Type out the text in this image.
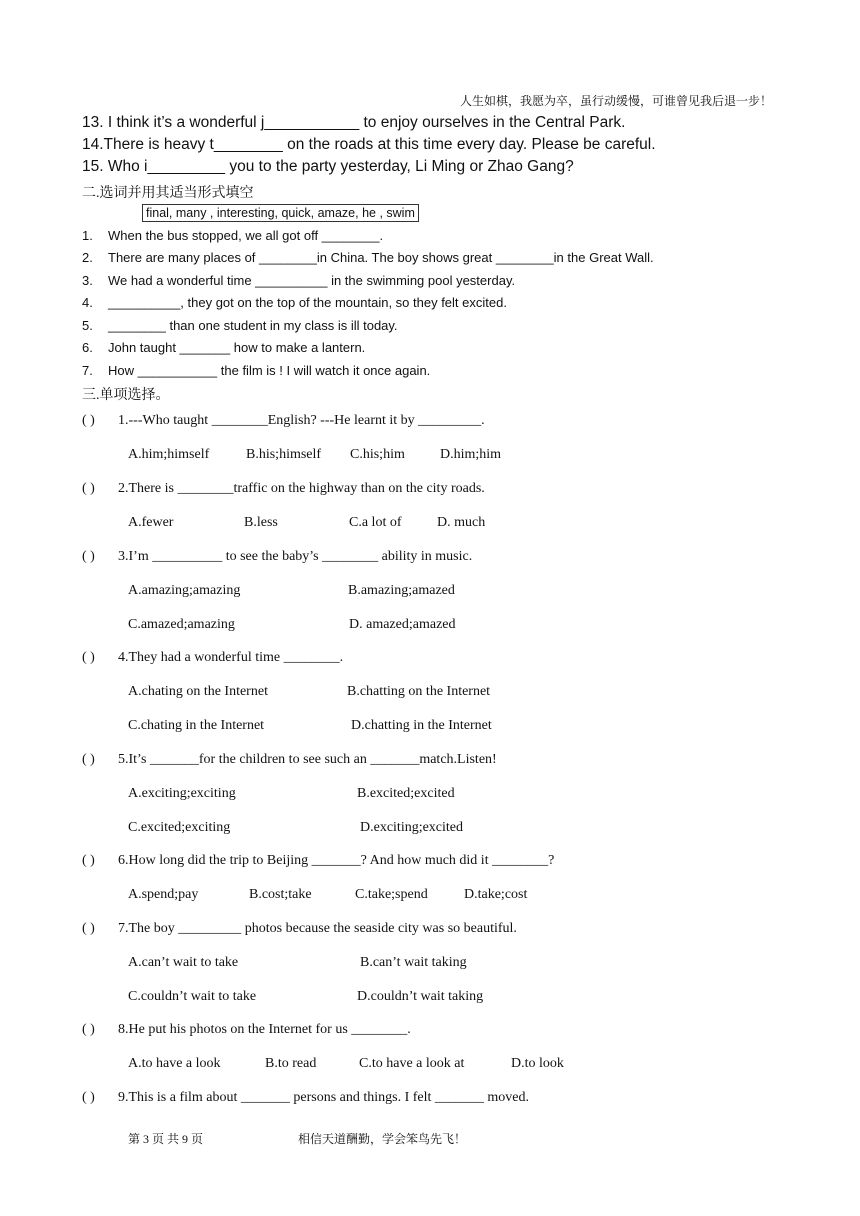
人生如棋，我愿为卒，虽行动缓慢，可谁曾见我后退一步！
13. I think it’s a wonderful j___________ to enjoy ourselves in the Central Park.
14.There is heavy t________ on the roads at this time every day. Please be careful.
15. Who i_________ you to the party yesterday, Li Ming or Zhao Gang?
二.选词并用其适当形式填空
final, many , interesting, quick, amaze, he , swim
1. When the bus stopped, we all got off ________.
2. There are many places of ________in China. The boy shows great ________in the Great Wall.
3. We had a wonderful time __________ in the swimming pool yesterday.
4. __________, they got on the top of the mountain, so they felt excited.
5. ________ than one student in my class is ill today.
6. John taught _______ how to make a lantern.
7. How ___________ the film is ! I will watch it once again.
三.单项选择。
( ) 1.---Who taught ________English? ---He learnt it by _________.
A.him;himself	B.his;himself C.his;him	D.him;him
( ) 2.There is ________traffic on the highway than on the city roads.
A.fewer	B.less	C.a lot of	D. much
( ) 3.I’m __________ to see the baby’s ________ ability in music.
A.amazing;amazing	B.amazing;amazed
C.amazed;amazing	D. amazed;amazed
( ) 4.They had a wonderful time ________.
A.chating on the Internet	B.chatting on the Internet
C.chating in the Internet	D.chatting in the Internet
( ) 5.It’s _______for the children to see such an _______match.Listen!
A.exciting;exciting	B.excited;excited
C.excited;exciting	D.exciting;excited
( ) 6.How long did the trip to Beijing _______? And how much did it ________?
A.spend;pay	B.cost;take	C.take;spend	D.take;cost
( ) 7.The boy _________ photos because the seaside city was so beautiful.
A.can’t wait to take	B.can’t wait taking
C.couldn’t wait to take	D.couldn’t wait taking
( ) 8.He put his photos on the Internet for us ________.
A.to have a look	B.to read	C.to have a look at	D.to look
( ) 9.This is a film about _______ persons and things. I felt _______ moved.
第 3 页 共 9 页	相信天道酬勤，学会笨鸟先飞！
